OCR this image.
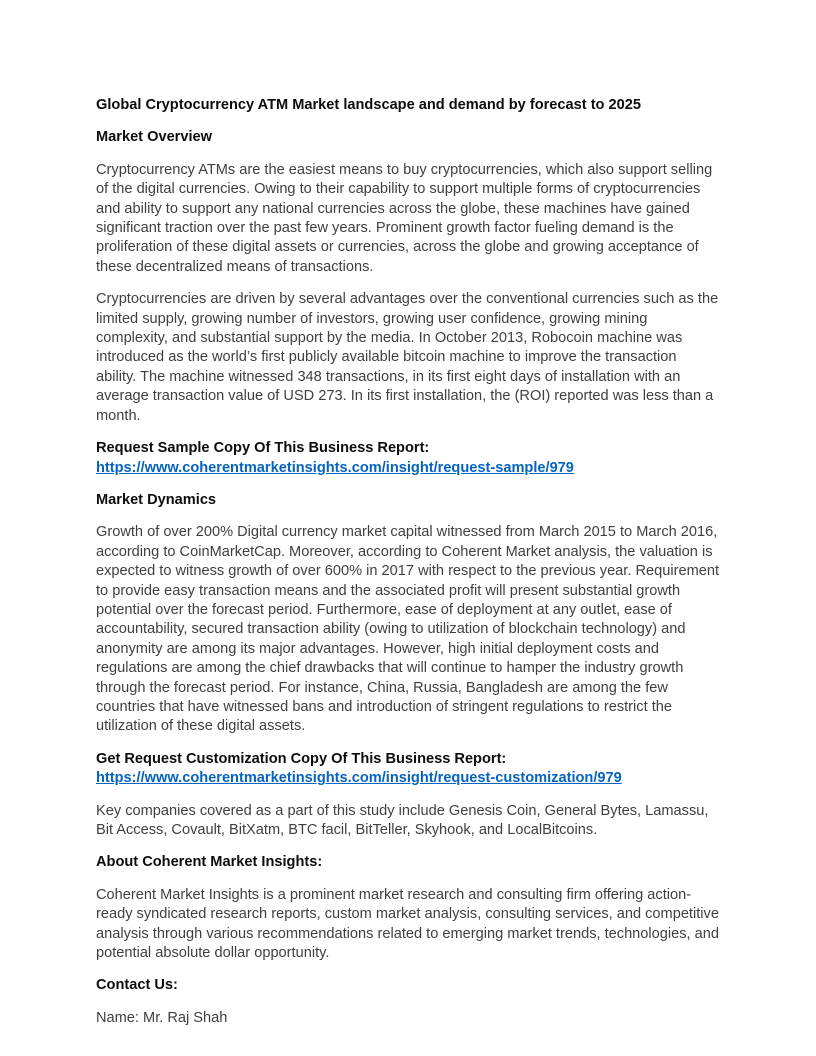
Global Cryptocurrency ATM Market landscape and demand by forecast to 2025
Market Overview

Cryptocurrency ATMs are the easiest means to buy cryptocurrencies, which also support selling of the digital currencies. Owing to their capability to support multiple forms of cryptocurrencies and ability to support any national currencies across the globe, these machines have gained significant traction over the past few years. Prominent growth factor fueling demand is the proliferation of these digital assets or currencies, across the globe and growing acceptance of these decentralized means of transactions.

Cryptocurrencies are driven by several advantages over the conventional currencies such as the limited supply, growing number of investors, growing user confidence, growing mining complexity, and substantial support by the media. In October 2013, Robocoin machine was introduced as the world’s first publicly available bitcoin machine to improve the transaction ability. The machine witnessed 348 transactions, in its first eight days of installation with an average transaction value of USD 273. In its first installation, the (ROI) reported was less than a month.

Request Sample Copy Of This Business Report:
https://www.coherentmarketinsights.com/insight/request-sample/979
Market Dynamics

Growth of over 200% Digital currency market capital witnessed from March 2015 to March 2016, according to CoinMarketCap. Moreover, according to Coherent Market analysis, the valuation is expected to witness growth of over 600% in 2017 with respect to the previous year. Requirement to provide easy transaction means and the associated profit will present substantial growth potential over the forecast period. Furthermore, ease of deployment at any outlet, ease of accountability, secured transaction ability (owing to utilization of blockchain technology) and anonymity are among its major advantages. However, high initial deployment costs and regulations are among the chief drawbacks that will continue to hamper the industry growth through the forecast period. For instance, China, Russia, Bangladesh are among the few countries that have witnessed bans and introduction of stringent regulations to restrict the utilization of these digital assets.

Get Request Customization Copy Of This Business Report:
https://www.coherentmarketinsights.com/insight/request-customization/979

Key companies covered as a part of this study include Genesis Coin, General Bytes, Lamassu, Bit Access, Covault, BitXatm, BTC facil, BitTeller, Skyhook, and LocalBitcoins.

About Coherent Market Insights:

Coherent Market Insights is a prominent market research and consulting firm offering action-ready syndicated research reports, custom market analysis, consulting services, and competitive analysis through various recommendations related to emerging market trends, technologies, and potential absolute dollar opportunity.

Contact Us:

Name: Mr. Raj Shah
